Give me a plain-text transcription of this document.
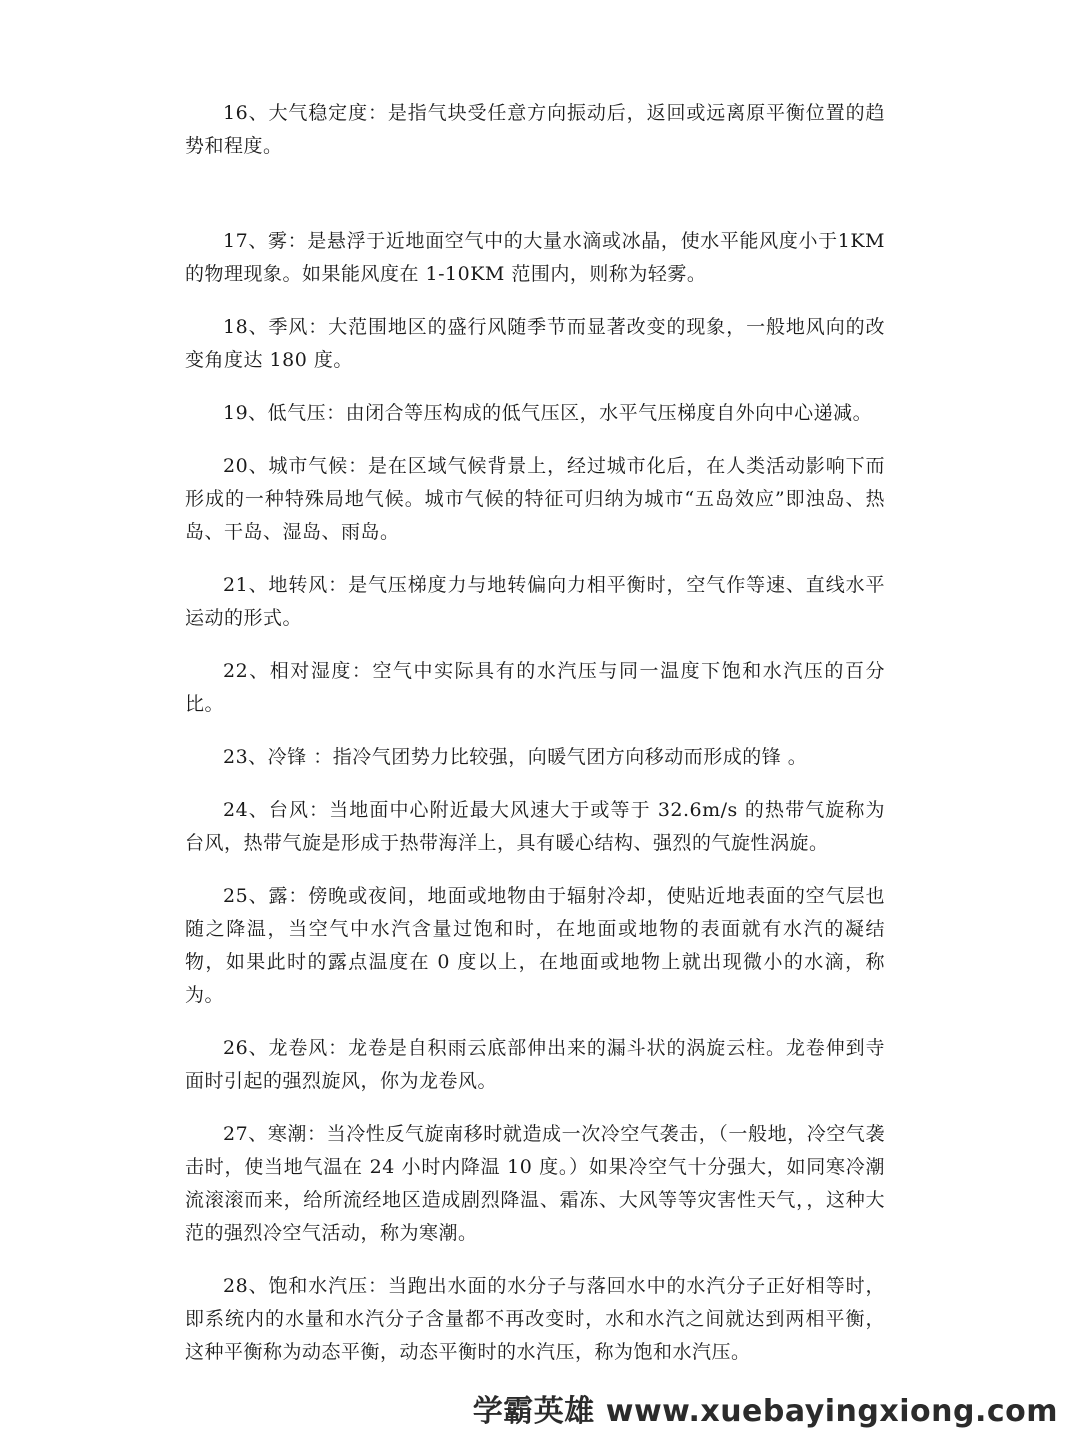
16、大气稳定度：是指气块受任意方向振动后，返回或远离原平衡位置的趋势和程度。

17、雾：是悬浮于近地面空气中的大量水滴或冰晶，使水平能风度小于1KM 的物理现象。如果能风度在 1-10KM 范围内，则称为轻雾。

18、季风：大范围地区的盛行风随季节而显著改变的现象，一般地风向的改变角度达 180 度。

19、低气压：由闭合等压构成的低气压区，水平气压梯度自外向中心递减。

20、城市气候：是在区域气候背景上，经过城市化后，在人类活动影响下而形成的一种特殊局地气候。城市气候的特征可归纳为城市“五岛效应”即浊岛、热岛、干岛、湿岛、雨岛。

21、地转风：是气压梯度力与地转偏向力相平衡时，空气作等速、直线水平运动的形式。

22、相对湿度：空气中实际具有的水汽压与同一温度下饱和水汽压的百分比。

23、冷锋 ：指冷气团势力比较强，向暖气团方向移动而形成的锋 。

24、台风：当地面中心附近最大风速大于或等于 32.6m/s 的热带气旋称为台风，热带气旋是形成于热带海洋上，具有暖心结构、强烈的气旋性涡旋。

25、露：傍晚或夜间，地面或地物由于辐射冷却，使贴近地表面的空气层也随之降温，当空气中水汽含量过饱和时，在地面或地物的表面就有水汽的凝结物，如果此时的露点温度在 0 度以上，在地面或地物上就出现微小的水滴，称为。

26、龙卷风：龙卷是自积雨云底部伸出来的漏斗状的涡旋云柱。龙卷伸到寺面时引起的强烈旋风，你为龙卷风。

27、寒潮：当冷性反气旋南移时就造成一次冷空气袭击，（一般地，冷空气袭击时，使当地气温在 24 小时内降温 10 度。）如果冷空气十分强大，如同寒冷潮流滚滚而来，给所流经地区造成剧烈降温、霜冻、大风等等灾害性天气，，这种大范的强烈冷空气活动，称为寒潮。

28、饱和水汽压：当跑出水面的水分子与落回水中的水汽分子正好相等时，即系统内的水量和水汽分子含量都不再改变时，水和水汽之间就达到两相平衡，这种平衡称为动态平衡，动态平衡时的水汽压，称为饱和水汽压。

学霸英雄 www.xuebayingxiong.com
